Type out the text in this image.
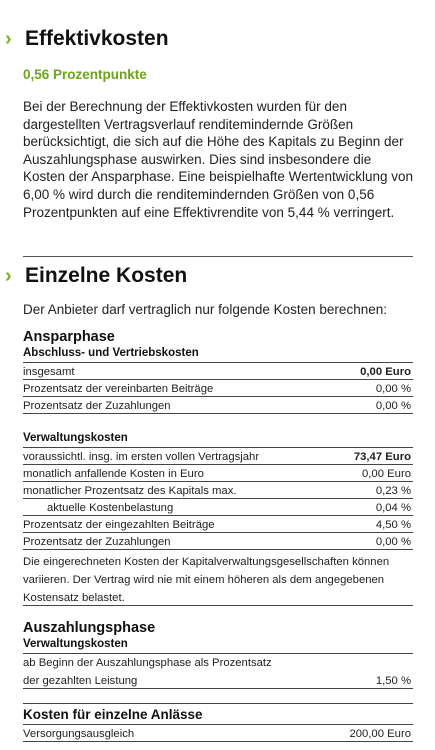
› Effektivkosten
0,56 Prozentpunkte
Bei der Berechnung der Effektivkosten wurden für den dargestellten Vertragsverlauf renditemindernde Größen berücksichtigt, die sich auf die Höhe des Kapitals zu Beginn der Auszahlungsphase auswirken. Dies sind insbesondere die Kosten der Ansparphase. Eine beispielhafte Wertentwicklung von 6,00 % wird durch die renditemindernden Größen von 0,56 Prozentpunkten auf eine Effektivrendite von 5,44 % verringert.
› Einzelne Kosten
Der Anbieter darf vertraglich nur folgende Kosten berechnen:
Ansparphase
Abschluss- und Vertriebskosten
insgesamt	0,00 Euro
Prozentsatz der vereinbarten Beiträge	0,00 %
Prozentsatz der Zuzahlungen	0,00 %
Verwaltungskosten
voraussichtl. insg. im ersten vollen Vertragsjahr	73,47 Euro
monatlich anfallende Kosten in Euro	0,00 Euro
monatlicher Prozentsatz des Kapitals max.	0,23 %
aktuelle Kostenbelastung	0,04 %
Prozentsatz der eingezahlten Beiträge	4,50 %
Prozentsatz der Zuzahlungen	0,00 %
Die eingerechneten Kosten der Kapitalverwaltungsgesellschaften können variieren. Der Vertrag wird nie mit einem höheren als dem angegebenen Kostensatz belastet.
Auszahlungsphase
Verwaltungskosten
ab Beginn der Auszahlungsphase als Prozentsatz
der gezahlten Leistung	1,50 %
Kosten für einzelne Anlässe
Versorgungsausgleich	200,00 Euro
